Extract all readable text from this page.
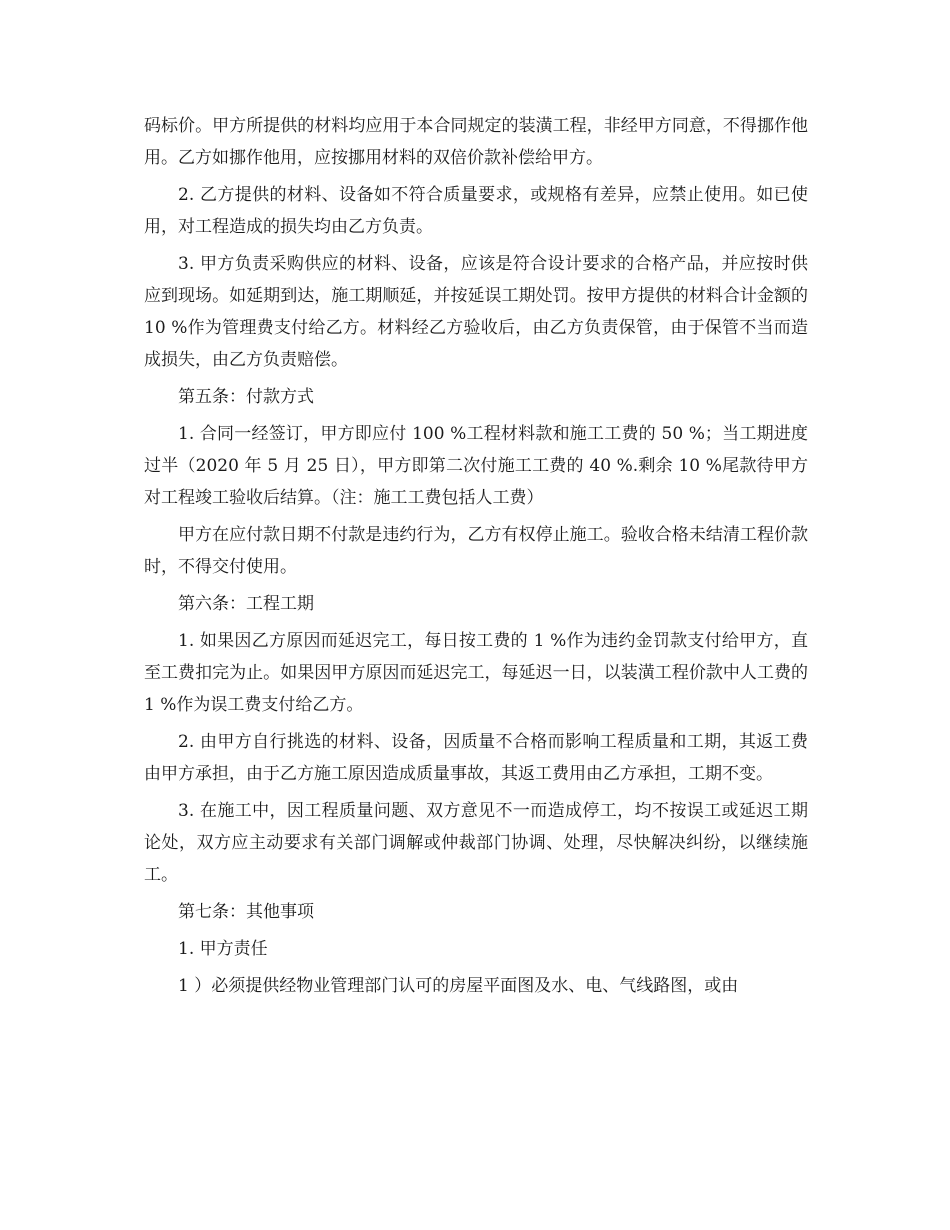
码标价。甲方所提供的材料均应用于本合同规定的装潢工程，非经甲方同意，不得挪作他用。乙方如挪作他用，应按挪用材料的双倍价款补偿给甲方。

2. 乙方提供的材料、设备如不符合质量要求，或规格有差异，应禁止使用。如已使用，对工程造成的损失均由乙方负责。

3. 甲方负责采购供应的材料、设备，应该是符合设计要求的合格产品，并应按时供应到现场。如延期到达，施工期顺延，并按延误工期处罚。按甲方提供的材料合计金额的 10 %作为管理费支付给乙方。材料经乙方验收后，由乙方负责保管，由于保管不当而造成损失，由乙方负责赔偿。

第五条：付款方式

1. 合同一经签订，甲方即应付 100 %工程材料款和施工工费的 50 %；当工期进度过半（2020 年 5 月 25 日），甲方即第二次付施工工费的 40 %.剩余 10 %尾款待甲方对工程竣工验收后结算。（注：施工工费包括人工费）

甲方在应付款日期不付款是违约行为，乙方有权停止施工。验收合格未结清工程价款时，不得交付使用。

第六条：工程工期

1. 如果因乙方原因而延迟完工，每日按工费的 1 %作为违约金罚款支付给甲方，直至工费扣完为止。如果因甲方原因而延迟完工，每延迟一日，以装潢工程价款中人工费的 1 %作为误工费支付给乙方。

2. 由甲方自行挑选的材料、设备，因质量不合格而影响工程质量和工期，其返工费由甲方承担，由于乙方施工原因造成质量事故，其返工费用由乙方承担，工期不变。

3. 在施工中，因工程质量问题、双方意见不一而造成停工，均不按误工或延迟工期论处，双方应主动要求有关部门调解或仲裁部门协调、处理，尽快解决纠纷，以继续施工。

第七条：其他事项

1. 甲方责任

1 ）必须提供经物业管理部门认可的房屋平面图及水、电、气线路图，或由
